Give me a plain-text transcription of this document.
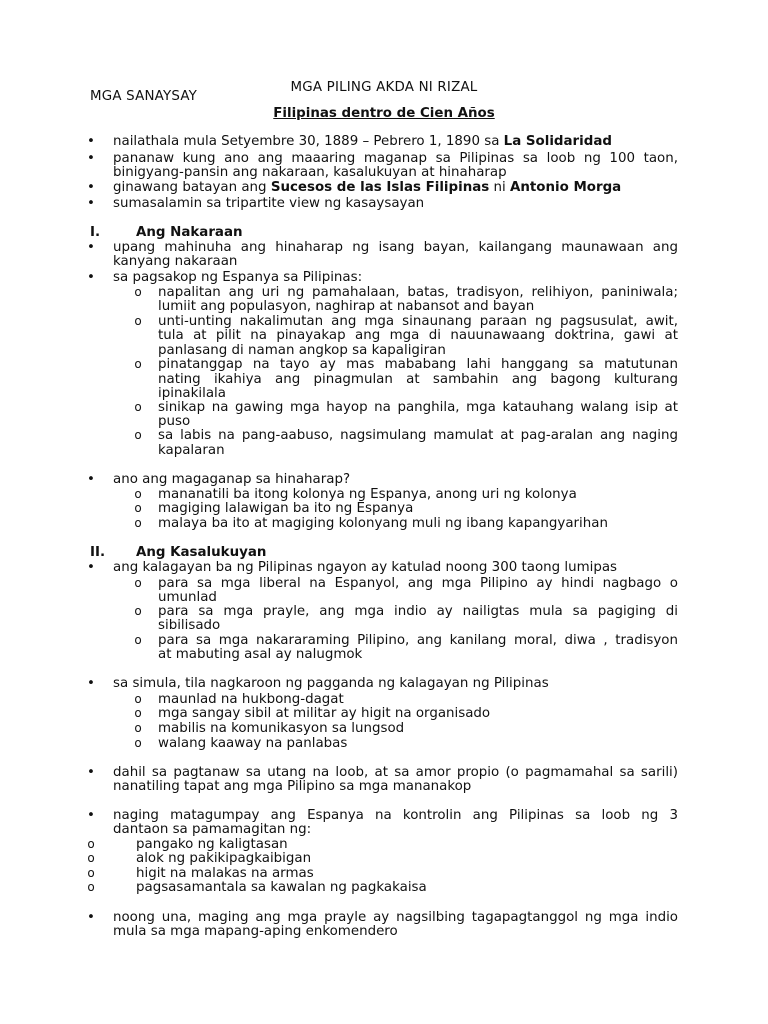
MGA PILING AKDA NI RIZAL
MGA SANAYSAY
Filipinas dentro de Cien Años
• nailathala mula Setyembre 30, 1889 – Pebrero 1, 1890 sa La Solidaridad
• pananaw kung ano ang maaaring maganap sa Pilipinas sa loob ng 100 taon,
binigyang-pansin ang nakaraan, kasalukuyan at hinaharap
• ginawang batayan ang Sucesos de las Islas Filipinas ni Antonio Morga
• sumasalamin sa tripartite view ng kasaysayan
I.	Ang Nakaraan
• upang mahinuha ang hinaharap ng isang bayan, kailangang maunawaan ang
kanyang nakaraan
• sa pagsakop ng Espanya sa Pilipinas:
o napalitan ang uri ng pamahalaan, batas, tradisyon, relihiyon, paniniwala;
lumiit ang populasyon, naghirap at nabansot and bayan
o unti-unting nakalimutan ang mga sinaunang paraan ng pagsusulat, awit,
tula at pilit na pinayakap ang mga di nauunawaang doktrina, gawi at
panlasang di naman angkop sa kapaligiran
o pinatanggap na tayo ay mas mababang lahi hanggang sa matutunan
nating ikahiya ang pinagmulan at sambahin ang bagong kulturang
ipinakilala
o sinikap na gawing mga hayop na panghila, mga katauhang walang isip at
puso
o sa labis na pang-aabuso, nagsimulang mamulat at pag-aralan ang naging
kapalaran
• ano ang magaganap sa hinaharap?
o mananatili ba itong kolonya ng Espanya, anong uri ng kolonya
o magiging lalawigan ba ito ng Espanya
o malaya ba ito at magiging kolonyang muli ng ibang kapangyarihan
II. Ang Kasalukuyan
• ang kalagayan ba ng Pilipinas ngayon ay katulad noong 300 taong lumipas
o para sa mga liberal na Espanyol, ang mga Pilipino ay hindi nagbago o
umunlad
o para sa mga prayle, ang mga indio ay nailigtas mula sa pagiging di
sibilisado
o para sa mga nakararaming Pilipino, ang kanilang moral, diwa , tradisyon
at mabuting asal ay nalugmok
• sa simula, tila nagkaroon ng pagganda ng kalagayan ng Pilipinas
o maunlad na hukbong-dagat
o mga sangay sibil at militar ay higit na organisado
o mabilis na komunikasyon sa lungsod
o walang kaaway na panlabas
• dahil sa pagtanaw sa utang na loob, at sa amor propio (o pagmamahal sa sarili)
nanatiling tapat ang mga Pilipino sa mga mananakop
• naging matagumpay ang Espanya na kontrolin ang Pilipinas sa loob ng 3
dantaon sa pamamagitan ng:
o	pangako ng kaligtasan
o	alok ng pakikipagkaibigan
o	higit na malakas na armas
o	pagsasamantala sa kawalan ng pagkakaisa
• noong una, maging ang mga prayle ay nagsilbing tagapagtanggol ng mga indio
mula sa mga mapang-aping enkomendero
